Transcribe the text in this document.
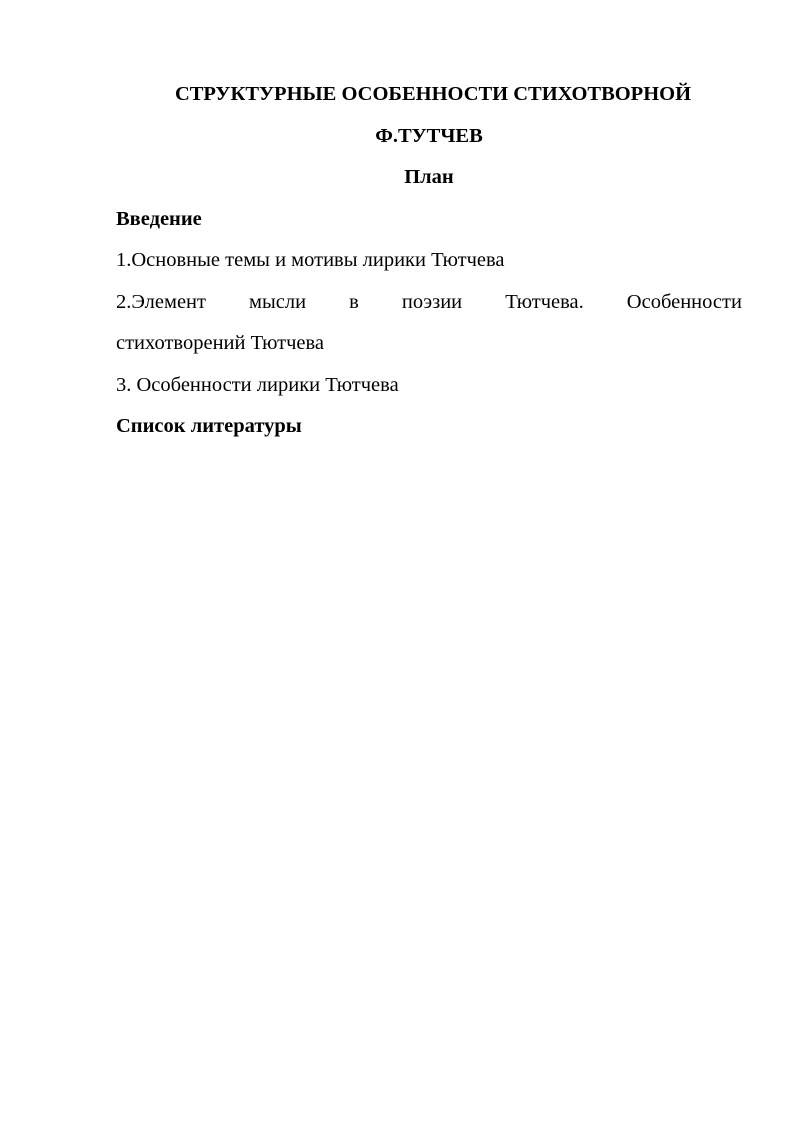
СТРУКТУРНЫЕ ОСОБЕННОСТИ СТИХОТВОРНОЙ
Ф.ТУТЧЕВ
План
Введение
1.Основные темы и мотивы лирики Тютчева
2.Элемент мысли в поэзии Тютчева. Особенности
стихотворений Тютчева
3. Особенности лирики Тютчева
Список литературы
